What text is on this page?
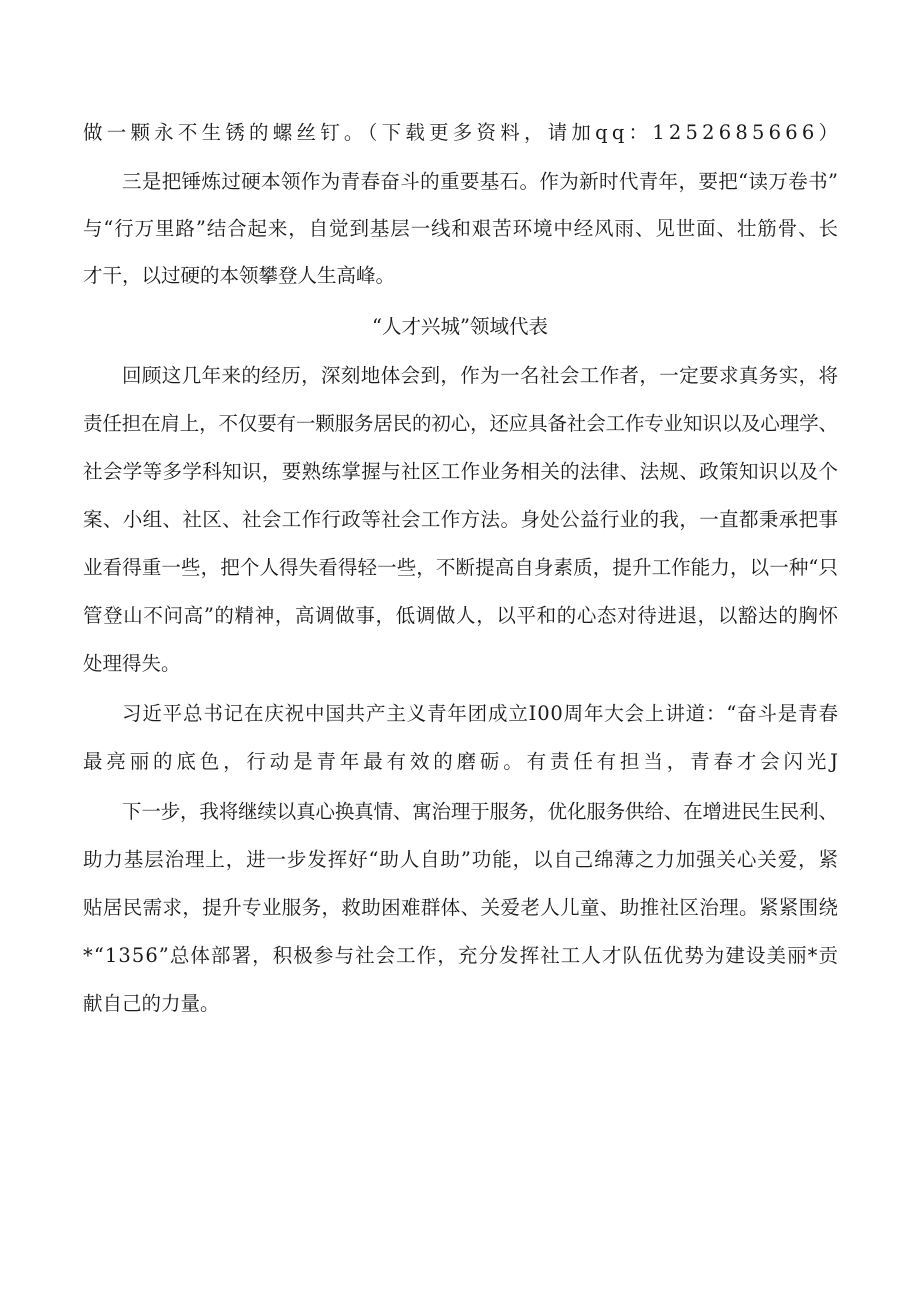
做一颗永不生锈的螺丝钉。（下载更多资料，请加qq：1252685666）
三是把锤炼过硬本领作为青春奋斗的重要基石。作为新时代青年，要把“读万卷书”
与“行万里路”结合起来，自觉到基层一线和艰苦环境中经风雨、见世面、壮筋骨、长
才干，以过硬的本领攀登人生高峰。
“人才兴城”领域代表
回顾这几年来的经历，深刻地体会到，作为一名社会工作者，一定要求真务实，将
责任担在肩上，不仅要有一颗服务居民的初心，还应具备社会工作专业知识以及心理学、
社会学等多学科知识，要熟练掌握与社区工作业务相关的法律、法规、政策知识以及个
案、小组、社区、社会工作行政等社会工作方法。身处公益行业的我，一直都秉承把事
业看得重一些，把个人得失看得轻一些，不断提高自身素质，提升工作能力，以一种“只
管登山不问高”的精神，高调做事，低调做人，以平和的心态对待进退，以豁达的胸怀
处理得失。
习近平总书记在庆祝中国共产主义青年团成立I00周年大会上讲道：“奋斗是青春
最亮丽的底色，行动是青年最有效的磨砺。有责任有担当，青春才会闪光J
下一步，我将继续以真心换真情、寓治理于服务，优化服务供给、在增进民生民利、
助力基层治理上，进一步发挥好“助人自助”功能，以自己绵薄之力加强关心关爱，紧
贴居民需求，提升专业服务，救助困难群体、关爱老人儿童、助推社区治理。紧紧围绕
*“1356”总体部署，积极参与社会工作，充分发挥社工人才队伍优势为建设美丽*贡
献自己的力量。
